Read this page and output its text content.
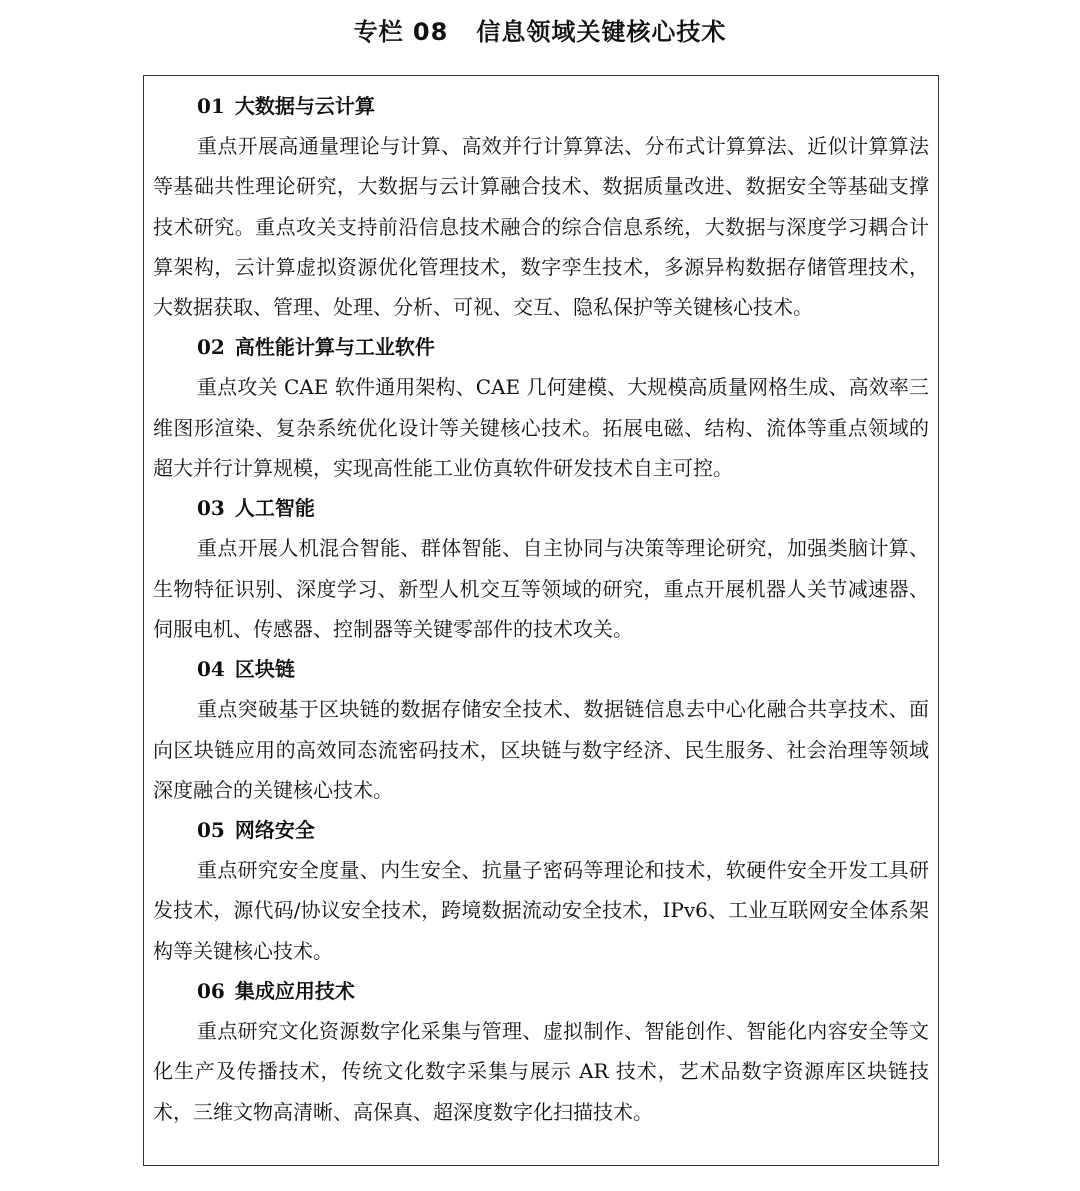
专栏 08   信息领域关键核心技术
01 大数据与云计算

重点开展高通量理论与计算、高效并行计算算法、分布式计算算法、近似计算算法等基础共性理论研究，大数据与云计算融合技术、数据质量改进、数据安全等基础支撑技术研究。重点攻关支持前沿信息技术融合的综合信息系统，大数据与深度学习耦合计算架构，云计算虚拟资源优化管理技术，数字孪生技术，多源异构数据存储管理技术，大数据获取、管理、处理、分析、可视、交互、隐私保护等关键核心技术。

02 高性能计算与工业软件

重点攻关 CAE 软件通用架构、CAE 几何建模、大规模高质量网格生成、高效率三维图形渲染、复杂系统优化设计等关键核心技术。拓展电磁、结构、流体等重点领域的超大并行计算规模，实现高性能工业仿真软件研发技术自主可控。

03 人工智能

重点开展人机混合智能、群体智能、自主协同与决策等理论研究，加强类脑计算、生物特征识别、深度学习、新型人机交互等领域的研究，重点开展机器人关节减速器、伺服电机、传感器、控制器等关键零部件的技术攻关。

04 区块链

重点突破基于区块链的数据存储安全技术、数据链信息去中心化融合共享技术、面向区块链应用的高效同态流密码技术，区块链与数字经济、民生服务、社会治理等领域深度融合的关键核心技术。

05 网络安全

重点研究安全度量、内生安全、抗量子密码等理论和技术，软硬件安全开发工具研发技术，源代码/协议安全技术，跨境数据流动安全技术，IPv6、工业互联网安全体系架构等关键核心技术。

06 集成应用技术

重点研究文化资源数字化采集与管理、虚拟制作、智能创作、智能化内容安全等文化生产及传播技术，传统文化数字采集与展示 AR 技术，艺术品数字资源库区块链技术，三维文物高清晰、高保真、超深度数字化扫描技术。
